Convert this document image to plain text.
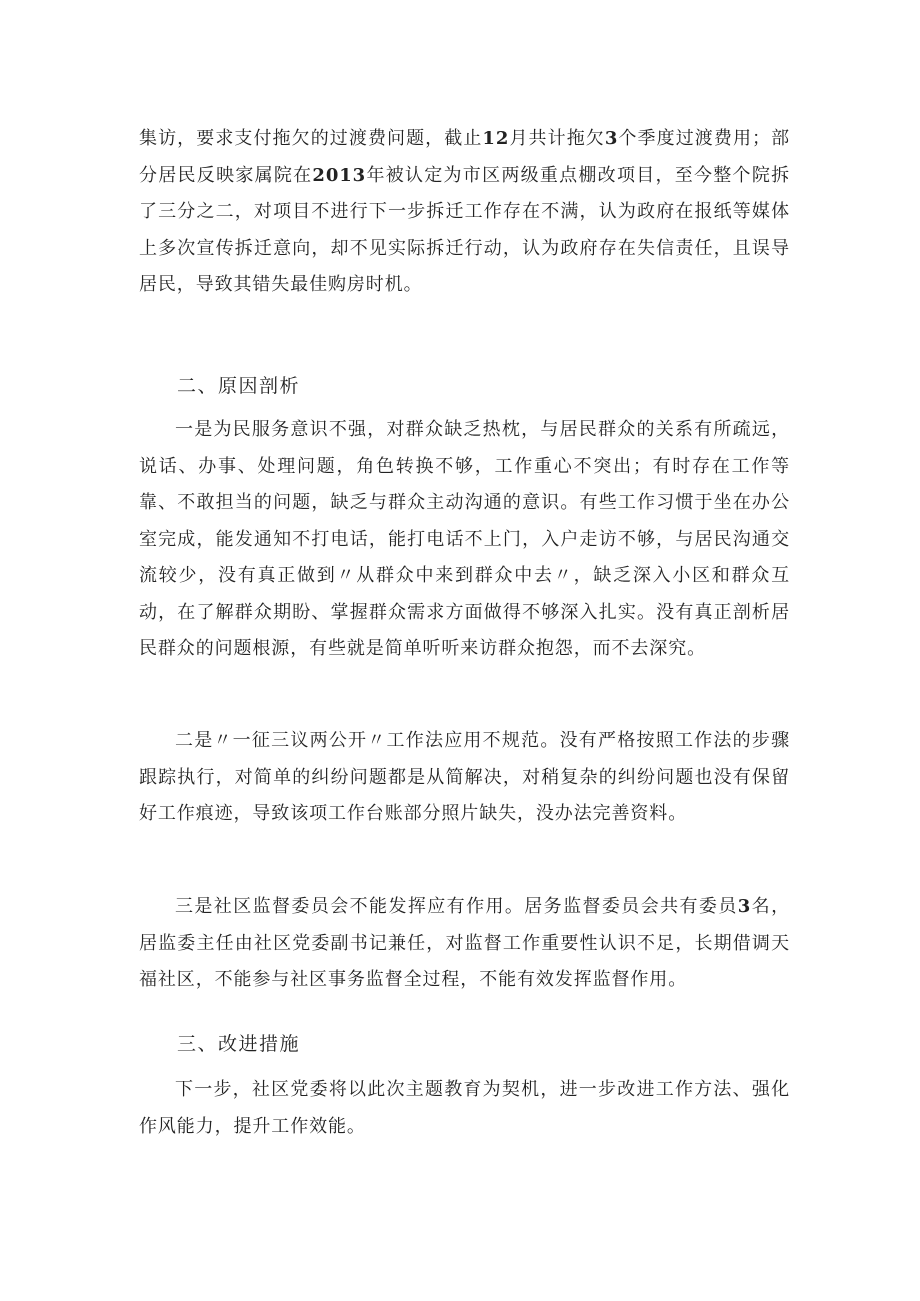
集访，要求支付拖欠的过渡费问题，截止12月共计拖欠3个季度过渡费用；部分居民反映家属院在2013年被认定为市区两级重点棚改项目，至今整个院拆了三分之二，对项目不进行下一步拆迁工作存在不满，认为政府在报纸等媒体上多次宣传拆迁意向，却不见实际拆迁行动，认为政府存在失信责任，且误导居民，导致其错失最佳购房时机。

二、原因剖析

一是为民服务意识不强，对群众缺乏热枕，与居民群众的关系有所疏远，说话、办事、处理问题，角色转换不够，工作重心不突出；有时存在工作等靠、不敢担当的问题，缺乏与群众主动沟通的意识。有些工作习惯于坐在办公室完成，能发通知不打电话，能打电话不上门，入户走访不够，与居民沟通交流较少，没有真正做到〃从群众中来到群众中去〃，缺乏深入小区和群众互动，在了解群众期盼、掌握群众需求方面做得不够深入扎实。没有真正剖析居民群众的问题根源，有些就是简单听听来访群众抱怨，而不去深究。

二是〃一征三议两公开〃工作法应用不规范。没有严格按照工作法的步骤跟踪执行，对简单的纠纷问题都是从简解决，对稍复杂的纠纷问题也没有保留好工作痕迹，导致该项工作台账部分照片缺失，没办法完善资料。

三是社区监督委员会不能发挥应有作用。居务监督委员会共有委员3名，居监委主任由社区党委副书记兼任，对监督工作重要性认识不足，长期借调天福社区，不能参与社区事务监督全过程，不能有效发挥监督作用。

三、改进措施

下一步，社区党委将以此次主题教育为契机，进一步改进工作方法、强化作风能力，提升工作效能。
